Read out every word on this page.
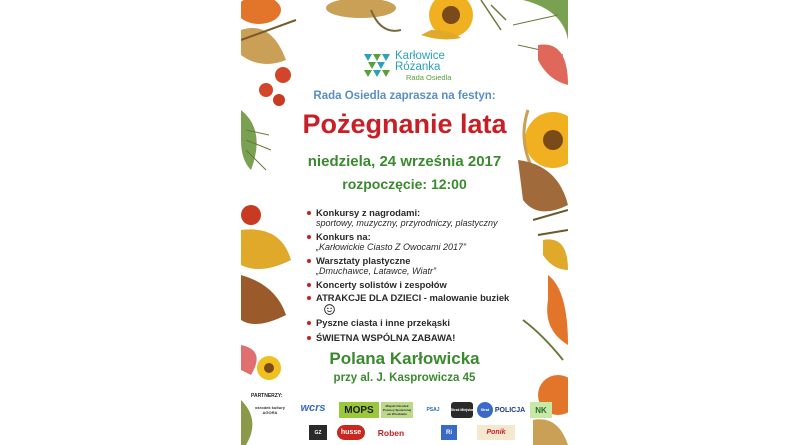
Karłowice
Różanka
Rada Osiedla
Rada Osiedla zaprasza na festyn:
Pożegnanie lata
niedziela, 24 września 2017
rozpoczęcie: 12:00
Konkursy z nagrodami:
sportowy, muzyczny, przyrodniczy, plastyczny
Konkurs na:
„Karłowickie Ciasto Z Owocami 2017”
Warsztaty plastyczne
„Dmuchawce, Latawce, Wiatr”
Koncerty solistów i zespołów
ATRAKCJE DLA DZIECI - malowanie buziek
Pyszne ciasta i inne przekąski
ŚWIETNA WSPÓLNA ZABAWA!
Polana Karłowicka
przy al. J. Kasprowicza 45
PARTNERZY:
ośrodek kultury AGORA	wcrs	MOPS	Miejski Ośrodek Pomocy Społecznej we Wrocławiu
PSAJ	Straż Miejska	Straż POLICJA	NK
GZ	husse	Roben	Ri	Ponik
